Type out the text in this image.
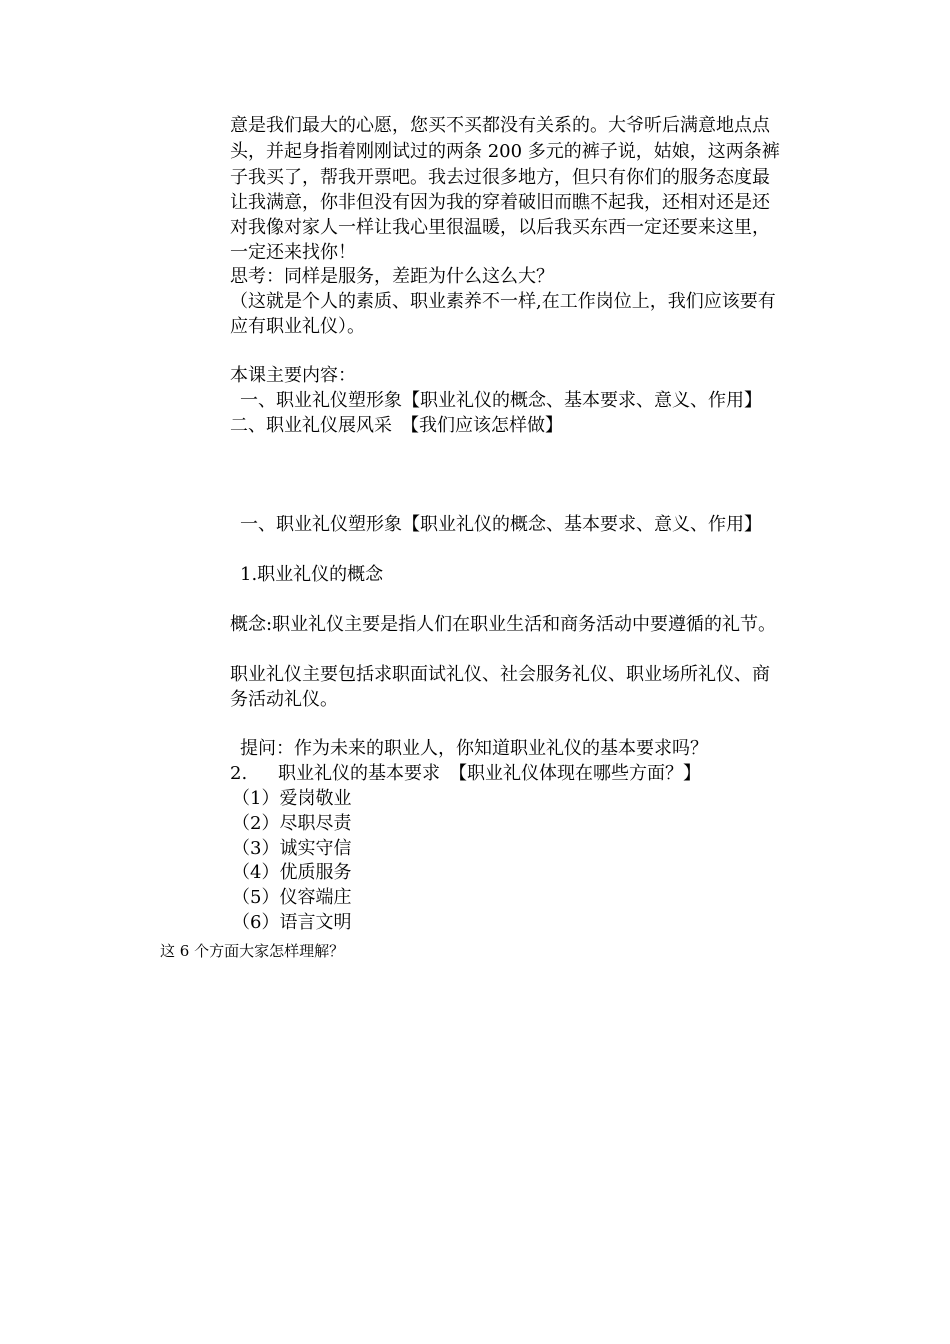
意是我们最大的心愿，您买不买都没有关系的。大爷听后满意地点点

头，并起身指着刚刚试过的两条 200 多元的裤子说，姑娘，这两条裤

子我买了，帮我开票吧。我去过很多地方，但只有你们的服务态度最

让我满意，你非但没有因为我的穿着破旧而瞧不起我，还相对还是还

对我像对家人一样让我心里很温暖，以后我买东西一定还要来这里，

一定还来找你！

思考：同样是服务，差距为什么这么大？

（这就是个人的素质、职业素养不一样,在工作岗位上，我们应该要有

应有职业礼仪）。

本课主要内容：

一、职业礼仪塑形象【职业礼仪的概念、基本要求、意义、作用】

二、职业礼仪展风采　【我们应该怎样做】

一、职业礼仪塑形象【职业礼仪的概念、基本要求、意义、作用】

1.职业礼仪的概念

概念:职业礼仪主要是指人们在职业生活和商务活动中要遵循的礼节。

职业礼仪主要包括求职面试礼仪、社会服务礼仪、职业场所礼仪、商

务活动礼仪。

提问：作为未来的职业人，你知道职业礼仪的基本要求吗？

2. 职业礼仪的基本要求　【职业礼仪体现在哪些方面？】

（1）爱岗敬业

（2）尽职尽责

（3）诚实守信

（4）优质服务

（5）仪容端庄

（6）语言文明

这 6 个方面大家怎样理解？
